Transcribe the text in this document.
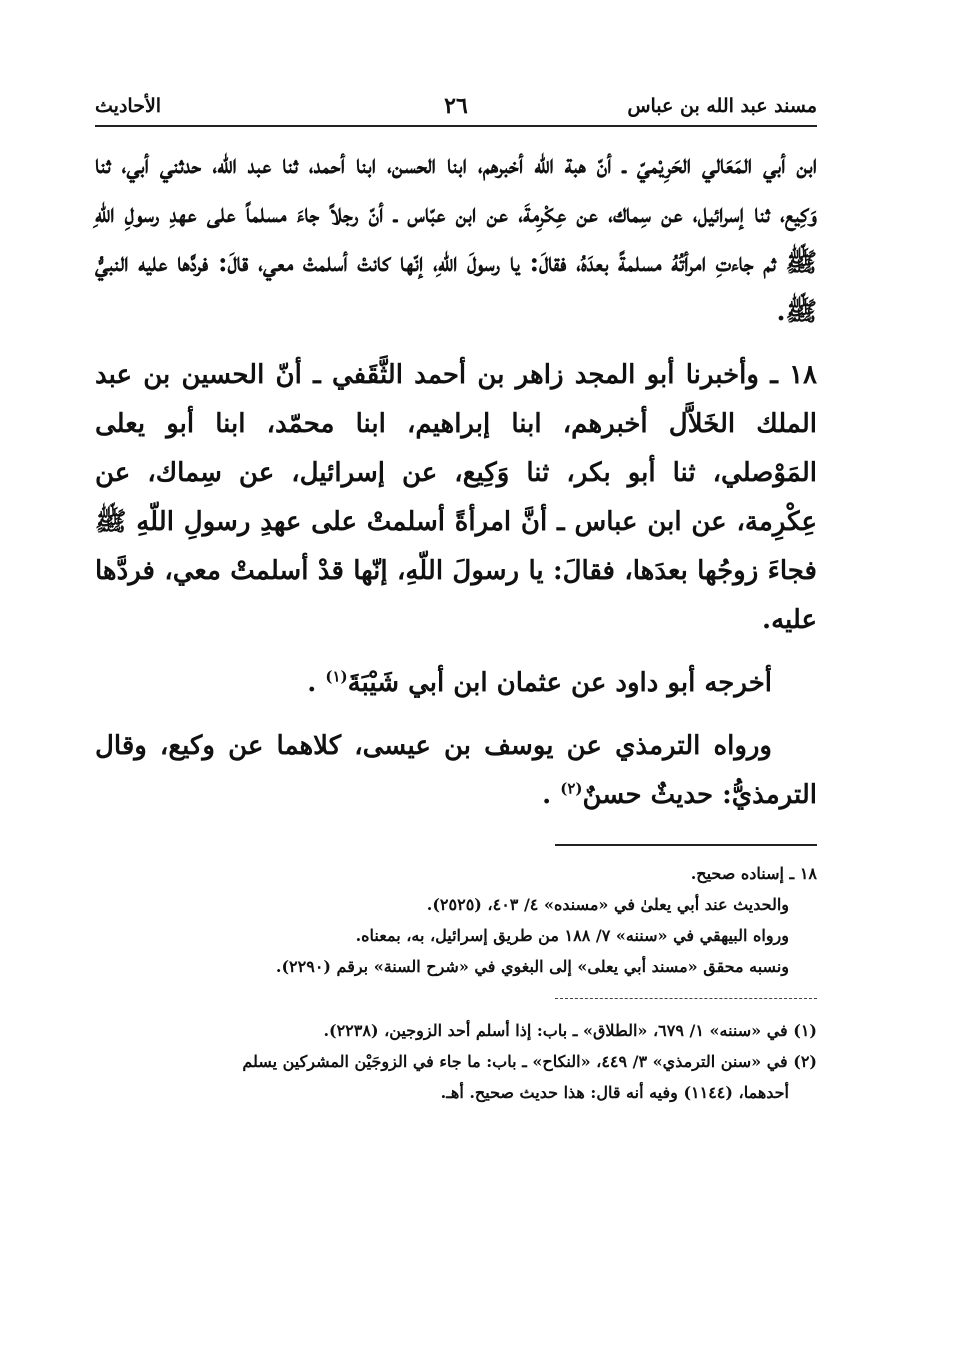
مسند عبد الله بن عباس
٢٦
الأحاديث

ابن أبي المَعَالي الحَرِيْميّ ـ أنّ هبة الله أخبرهم، ابنا الحسن، ابنا أحمد، ثنا عبد الله، حدثني أبي، ثنا وَكِيع، ثنا إسرائيل، عن سِماك، عن عِكْرِمةَ، عن ابن عبّاس ـ أنّ رجلاً جاءَ مسلماً على عهدِ رسولِ اللّهِ ﷺ ثم جاءتِ امرأتُهُ مسلمةً بعدَهُ، فقالَ: يا رسولَ اللّهِ، إنّها كانتْ أسلمتْ معي، قالَ: فردَّها عليه النبيُّ ﷺ.

١٨ ـ وأخبرنا أبو المجد زاهر بن أحمد الثَّقَفي ـ أنّ الحسين بن عبد الملك الخَلاَّل أخبرهم، ابنا إبراهيم، ابنا محمّد، ابنا أبو يعلى المَوْصلي، ثنا أبو بكر، ثنا وَكِيع، عن إسرائيل، عن سِماك، عن عِكْرِمة، عن ابن عباس ـ أنَّ امرأةً أسلمتْ على عهدِ رسولِ اللّهِ ﷺ فجاءَ زوجُها بعدَها، فقالَ: يا رسولَ اللّهِ، إنّها قدْ أسلمتْ معي، فردَّها عليه.

أخرجه أبو داود عن عثمان ابن أبي شَيْبَةَ$^{(١)}$ .

ورواه الترمذي عن يوسف بن عيسى، كلاهما عن وكيع، وقال الترمذيُّ: حديثٌ حسنٌ$^{(٢)}$ .

١٨ ـ إسناده صحيح.

والحديث عند أبي يعلىٰ في «مسنده» ٤/ ٤٠٣، (٢٥٢٥).

ورواه البيهقي في «سننه» ٧/ ١٨٨ من طريق إسرائيل، به، بمعناه.

ونسبه محقق «مسند أبي يعلى» إلى البغوي في «شرح السنة» برقم (٢٢٩٠).

(١) في «سننه» ١/ ٦٧٩، «الطلاق» ـ باب: إذا أسلم أحد الزوجين، (٢٢٣٨).

(٢) في «سنن الترمذي» ٣/ ٤٤٩، «النكاح» ـ باب: ما جاء في الزوجَيْن المشركين يسلم

أحدهما، (١١٤٤) وفيه أنه قال: هذا حديث صحيح. أهـ.
